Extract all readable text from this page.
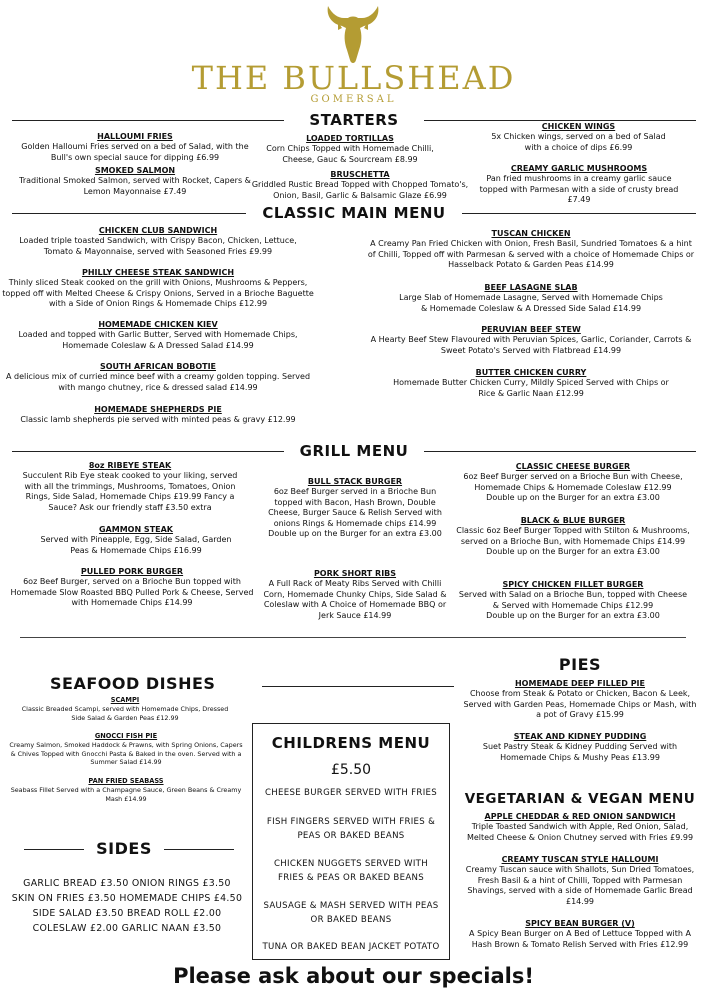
THE BULLSHEAD
GOMERSAL
STARTERS
HALLOUMI FRIES
Golden Halloumi Fries served on a bed of Salad, with the Bull's own special sauce for dipping £6.99
SMOKED SALMON
Traditional Smoked Salmon, served with Rocket, Capers & Lemon Mayonnaise £7.49
LOADED TORTILLAS
Corn Chips Topped with Homemade Chilli, Cheese, Gauc & Sourcream £8.99
BRUSCHETTA
Griddled Rustic Bread Topped with Chopped Tomato's, Onion, Basil, Garlic & Balsamic Glaze £6.99
CHICKEN WINGS
5x Chicken wings, served on a bed of Salad with a choice of dips £6.99
CREAMY GARLIC MUSHROOMS
Pan fried mushrooms in a creamy garlic sauce topped with Parmesan with a side of crusty bread £7.49
CLASSIC MAIN MENU
CHICKEN CLUB SANDWICH
Loaded triple toasted Sandwich, with Crispy Bacon, Chicken, Lettuce, Tomato & Mayonnaise, served with Seasoned Fries £9.99
PHILLY CHEESE STEAK SANDWICH
Thinly sliced Steak cooked on the grill with Onions, Mushrooms & Peppers, topped off with Melted Cheese & Crispy Onions, Served in a Brioche Baguette with a Side of Onion Rings & Homemade Chips £12.99
HOMEMADE CHICKEN KIEV
Loaded and topped with Garlic Butter, Served with Homemade Chips, Homemade Coleslaw & A Dressed Salad £14.99
SOUTH AFRICAN BOBOTIE
A delicious mix of curried mince beef with a creamy golden topping. Served with mango chutney, rice & dressed salad £14.99
HOMEMADE SHEPHERDS PIE
Classic lamb shepherds pie served with minted peas & gravy £12.99
TUSCAN CHICKEN
A Creamy Pan Fried Chicken with Onion, Fresh Basil, Sundried Tomatoes & a hint of Chilli, Topped off with Parmesan & served with a choice of Homemade Chips or Hasselback Potato & Garden Peas £14.99
BEEF LASAGNE SLAB
Large Slab of Homemade Lasagne, Served with Homemade Chips & Homemade Coleslaw & A Dressed Side Salad £14.99
PERUVIAN BEEF STEW
A Hearty Beef Stew Flavoured with Peruvian Spices, Garlic, Coriander, Carrots & Sweet Potato's Served with Flatbread £14.99
BUTTER CHICKEN CURRY
Homemade Butter Chicken Curry, Mildly Spiced Served with Chips or Rice & Garlic Naan £12.99
GRILL MENU
8oz RIBEYE STEAK
Succulent Rib Eye steak cooked to your liking, served with all the trimmings, Mushrooms, Tomatoes, Onion Rings, Side Salad, Homemade Chips £19.99 Fancy a Sauce? Ask our friendly staff £3.50 extra
GAMMON STEAK
Served with Pineapple, Egg, Side Salad, Garden Peas & Homemade Chips £16.99
PULLED PORK BURGER
6oz Beef Burger, served on a Brioche Bun topped with Homemade Slow Roasted BBQ Pulled Pork & Cheese, Served with Homemade Chips £14.99
BULL STACK BURGER
6oz Beef Burger served in a Brioche Bun topped with Bacon, Hash Brown, Double Cheese, Burger Sauce & Relish Served with onions Rings & Homemade chips £14.99
Double up on the Burger for an extra £3.00
PORK SHORT RIBS
A Full Rack of Meaty Ribs Served with Chilli Corn, Homemade Chunky Chips, Side Salad & Coleslaw with A Choice of Homemade BBQ or Jerk Sauce £14.99
CLASSIC CHEESE BURGER
6oz Beef Burger served on a Brioche Bun with Cheese, Homemade Chips & Homemade Coleslaw £12.99
Double up on the Burger for an extra £3.00
BLACK & BLUE BURGER
Classic 6oz Beef Burger Topped with Stilton & Mushrooms, served on a Brioche Bun, with Homemade Chips £14.99
Double up on the Burger for an extra £3.00
SPICY CHICKEN FILLET BURGER
Served with Salad on a Brioche Bun, topped with Cheese & Served with Homemade Chips £12.99
Double up on the Burger for an extra £3.00
SEAFOOD DISHES
SCAMPI
Classic Breaded Scampi, served with Homemade Chips, Dressed Side Salad & Garden Peas £12.99
GNOCCI FISH PIE
Creamy Salmon, Smoked Haddock & Prawns, with Spring Onions, Capers & Chives Topped with Gnocchi Pasta & Baked in the oven. Served with a Summer Salad £14.99
PAN FRIED SEABASS
Seabass Fillet Served with a Champagne Sauce, Green Beans & Creamy Mash £14.99
SIDES
GARLIC BREAD £3.50 ONION RINGS £3.50
SKIN ON FRIES £3.50 HOMEMADE CHIPS £4.50
SIDE SALAD £3.50 BREAD ROLL £2.00
COLESLAW £2.00 GARLIC NAAN £3.50
CHILDRENS MENU
£5.50
CHEESE BURGER SERVED WITH FRIES
FISH FINGERS SERVED WITH FRIES & PEAS OR BAKED BEANS
CHICKEN NUGGETS SERVED WITH FRIES & PEAS OR BAKED BEANS
SAUSAGE & MASH SERVED WITH PEAS OR BAKED BEANS
TUNA OR BAKED BEAN JACKET POTATO
PIES
HOMEMADE DEEP FILLED PIE
Choose from Steak & Potato or Chicken, Bacon & Leek, Served with Garden Peas, Homemade Chips or Mash, with a pot of Gravy £15.99
STEAK AND KIDNEY PUDDING
Suet Pastry Steak & Kidney Pudding Served with Homemade Chips & Mushy Peas £13.99
VEGETARIAN & VEGAN MENU
APPLE CHEDDAR & RED ONION SANDWICH
Triple Toasted Sandwich with Apple, Red Onion, Salad, Melted Cheese & Onion Chutney served with Fries £9.99
CREAMY TUSCAN STYLE HALLOUMI
Creamy Tuscan sauce with Shallots, Sun Dried Tomatoes, Fresh Basil & a hint of Chilli, Topped with Parmesan Shavings, served with a side of Homemade Garlic Bread £14.99
SPICY BEAN BURGER (V)
A Spicy Bean Burger on A Bed of Lettuce Topped with A Hash Brown & Tomato Relish Served with Fries £12.99
Please ask about our specials!
